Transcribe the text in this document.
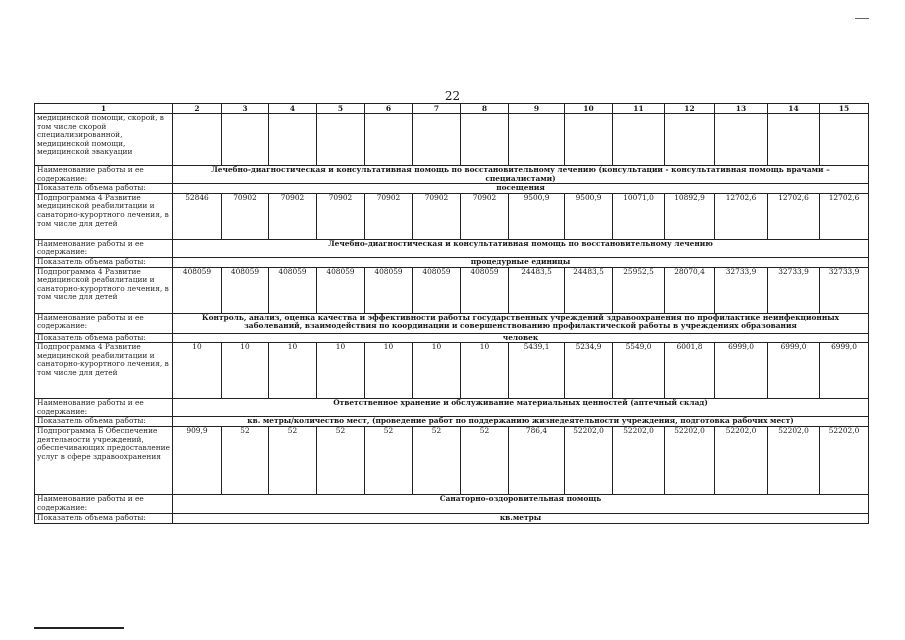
22
1	2	3	4	5	6	7	8	9	10	11	12	13	14	15
медицинской помощи, скорой, в том числе скорой специализированной, медицинской помощи, медицинской эвакуации														
Наименование работы и ее содержание:	Лечебно-диагностическая и консультативная помощь по восстановительному лечению (консультации - консультативная помощь врачами – специалистами)													
Показатель объема работы:	посещения													
Подпрограмма 4 Развитие медицинской реабилитации и санаторно-курортного лечения, в том числе для детей	52846	70902	70902	70902	70902	70902	70902	9500,9	9500,9	10071,0	10892,9	12702,6	12702,6	12702,6
Наименование работы и ее содержание:	Лечебно-диагностическая и консультативная помощь по восстановительному лечению													
Показатель объема работы:	процедурные единицы													
Подпрограмма 4 Развитие медицинской реабилитации и санаторно-курортного лечения, в том числе для детей	408059	408059	408059	408059	408059	408059	408059	24483,5	24483,5	25952,5	28070,4	32733,9	32733,9	32733,9
Наименование работы и ее содержание:	Контроль, анализ, оценка качества и эффективности работы государственных учреждений здравоохранения по профилактике неинфекционных заболеваний, взаимодействия по координации и совершенствованию профилактической работы в учреждениях образования													
Показатель объема работы:	человек													
Подпрограмма 4 Развитие медицинской реабилитации и санаторно-курортного лечения, в том числе для детей	10	10	10	10	10	10	10	5439,1	5234,9	5549,0	6001,8	6999,0	6999,0	6999,0
Наименование работы и ее содержание:	Ответственное хранение и обслуживание материальных ценностей (аптечный склад)													
Показатель объема работы:	кв. метры/количество мест, (проведение работ по поддержанию жизнедеятельности учреждения, подготовка рабочих мест)													
Подпрограмма Б Обеспечение деятельности учреждений, обеспечивающих предоставление услуг в сфере здравоохранения	909,9	52	52	52	52	52	52	786,4	52202,0	52202,0	52202,0	52202,0	52202,0	52202,0
Наименование работы и ее содержание:	Санаторно-оздоровительная помощь													
Показатель объема работы:	кв.метры													
